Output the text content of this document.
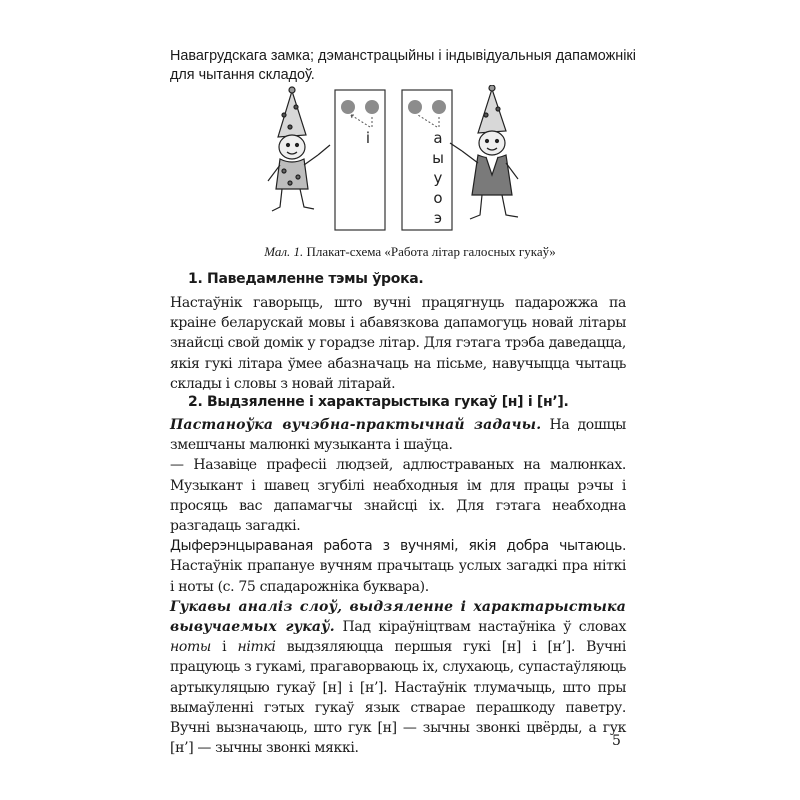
Навагрудскага замка; дэманстрацыйны і індывідуальныя дапаможнікі
для чытання складоў.
і	а
ы
у
о
э
Мал. 1. Плакат-схема «Работа літар галосных гукаў»
1. Паведамленне тэмы ўрока.

Настаўнік гаворыць, што вучні працягнуць падарожжа па краіне беларускай мовы і абавязкова дапамогуць новай літары знайсці свой домік у горадзе літар. Для гэтага трэба даведацца, якія гукі літара ўмее абазначаць на пісьме, навучыцца чытаць склады і словы з новай літарай.

2. Выдзяленне і характарыстыка гукаў [н] і [н’].

Пастаноўка вучэбна-практычнай задачы. На дошцы змешчаны малюнкі музыканта і шаўца.

— Назавіце прафесіі людзей, адлюстраваных на малюнках. Музыкант і шавец згубілі неабходныя ім для працы рэчы і просяць вас дапамагчы знайсці іх. Для гэтага неабходна разгадаць загадкі.

Дыферэнцыраваная работа з вучнямі, якія добра чытаюць. Настаўнік прапануе вучням прачытаць услых загадкі пра ніткі і ноты (с. 75 спадарожніка буквара).

Гукавы аналіз слоў, выдзяленне і характарыстыка вывучаемых гукаў. Пад кіраўніцтвам настаўніка ў словах ноты і ніткі выдзяляюцца першыя гукі [н] і [н’]. Вучні працуюць з гукамі, прагаворваюць іх, слухаюць, супастаўляюць артыкуляцыю гукаў [н] і [н’]. Настаўнік тлумачыць, што пры вымаўленні гэтых гукаў язык стварае перашкоду паветру. Вучні вызначаюць, што гук [н] — зычны звонкі цвёрды, а гук [н’] — зычны звонкі мяккі.	5
